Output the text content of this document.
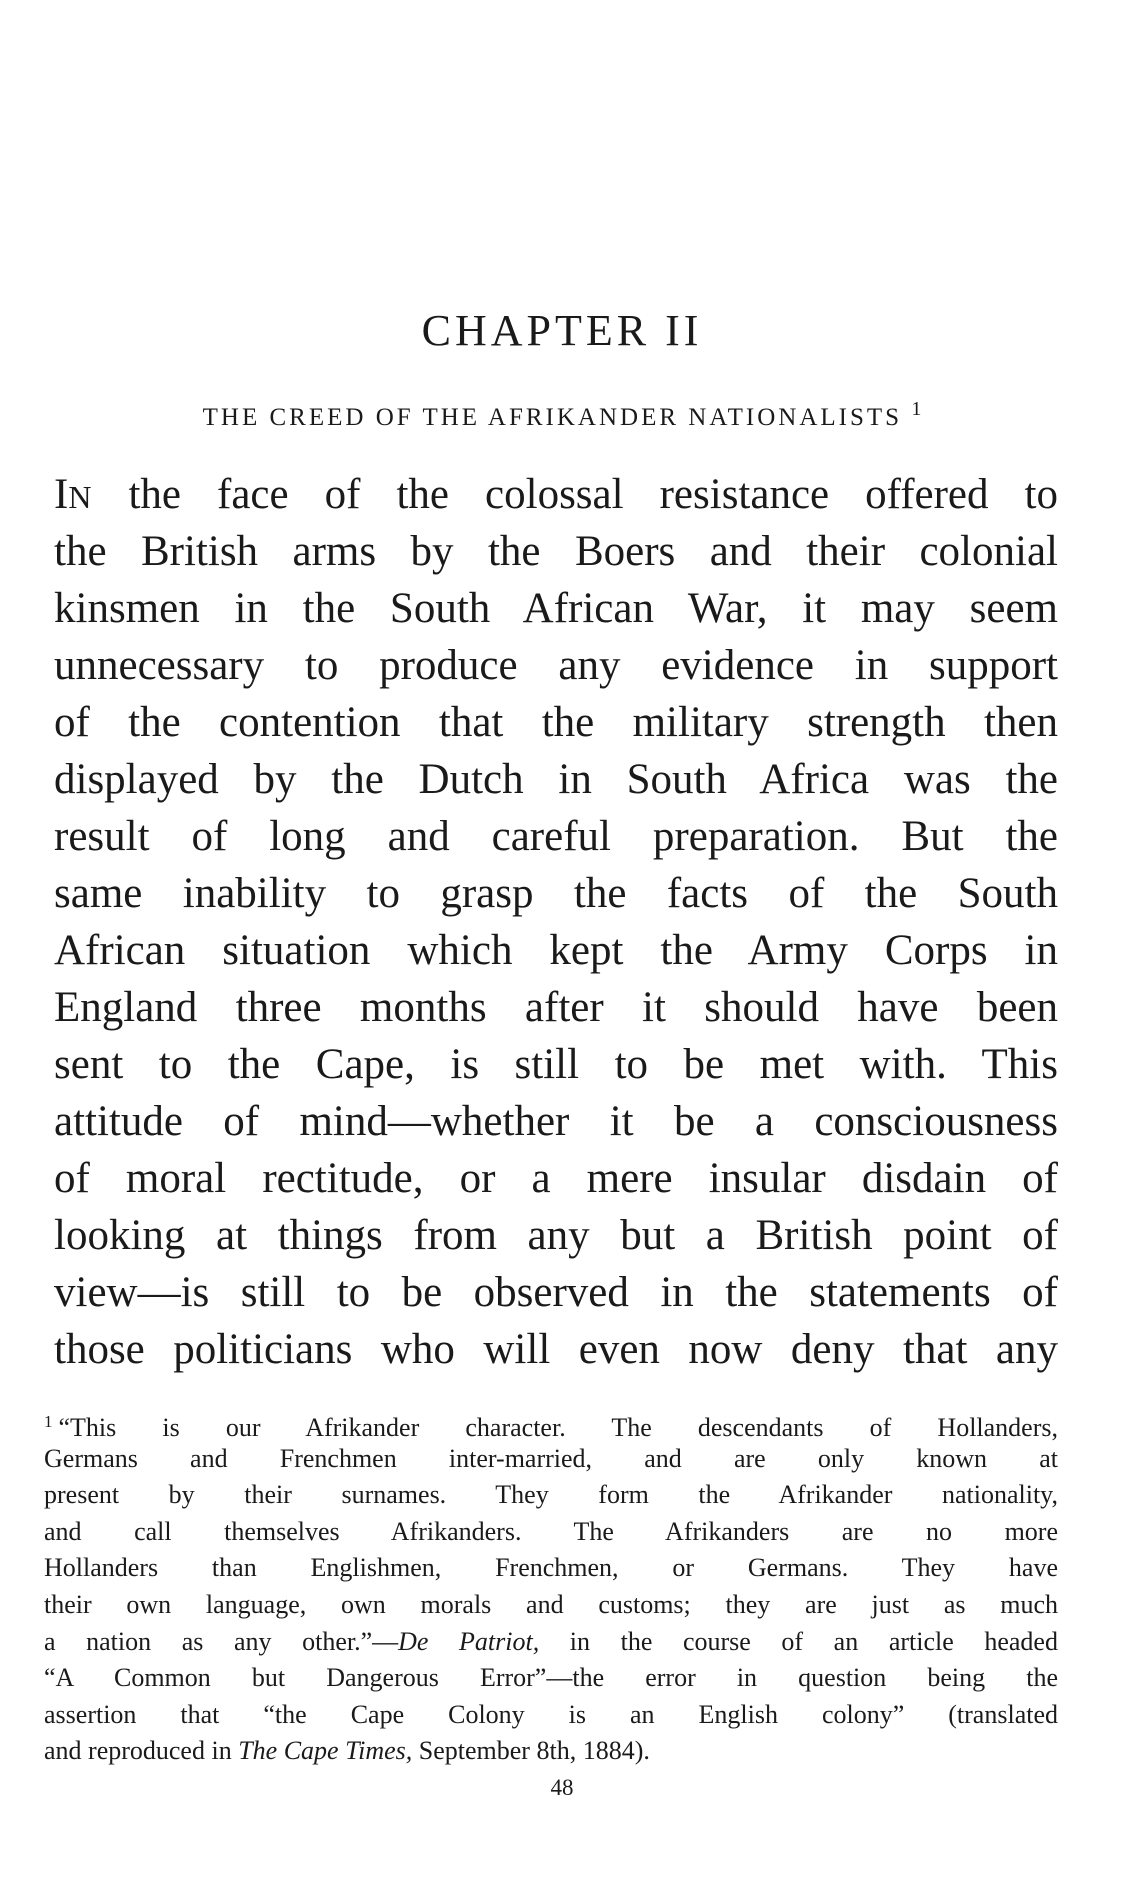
CHAPTER II
THE CREED OF THE AFRIKANDER NATIONALISTS $^1$
IN the face of the colossal resistance offered to
the British arms by the Boers and their colonial
kinsmen in the South African War, it may seem
unnecessary to produce any evidence in support
of the contention that the military strength then
displayed by the Dutch in South Africa was the
result of long and careful preparation. But the
same inability to grasp the facts of the South
African situation which kept the Army Corps in
England three months after it should have been
sent to the Cape, is still to be met with. This
attitude of mind—whether it be a consciousness
of moral rectitude, or a mere insular disdain of
looking at things from any but a British point of
view—is still to be observed in the statements of
those politicians who will even now deny that any
$^1$ “This is our Afrikander character. The descendants of Hollanders,
Germans and Frenchmen inter-married, and are only known at
present by their surnames. They form the Afrikander nationality,
and call themselves Afrikanders. The Afrikanders are no more
Hollanders than Englishmen, Frenchmen, or Germans. They have
their own language, own morals and customs; they are just as much
a nation as any other.”—De Patriot, in the course of an article headed
“A Common but Dangerous Error”—the error in question being the
assertion that “the Cape Colony is an English colony” (translated
and reproduced in The Cape Times, September 8th, 1884).
48
